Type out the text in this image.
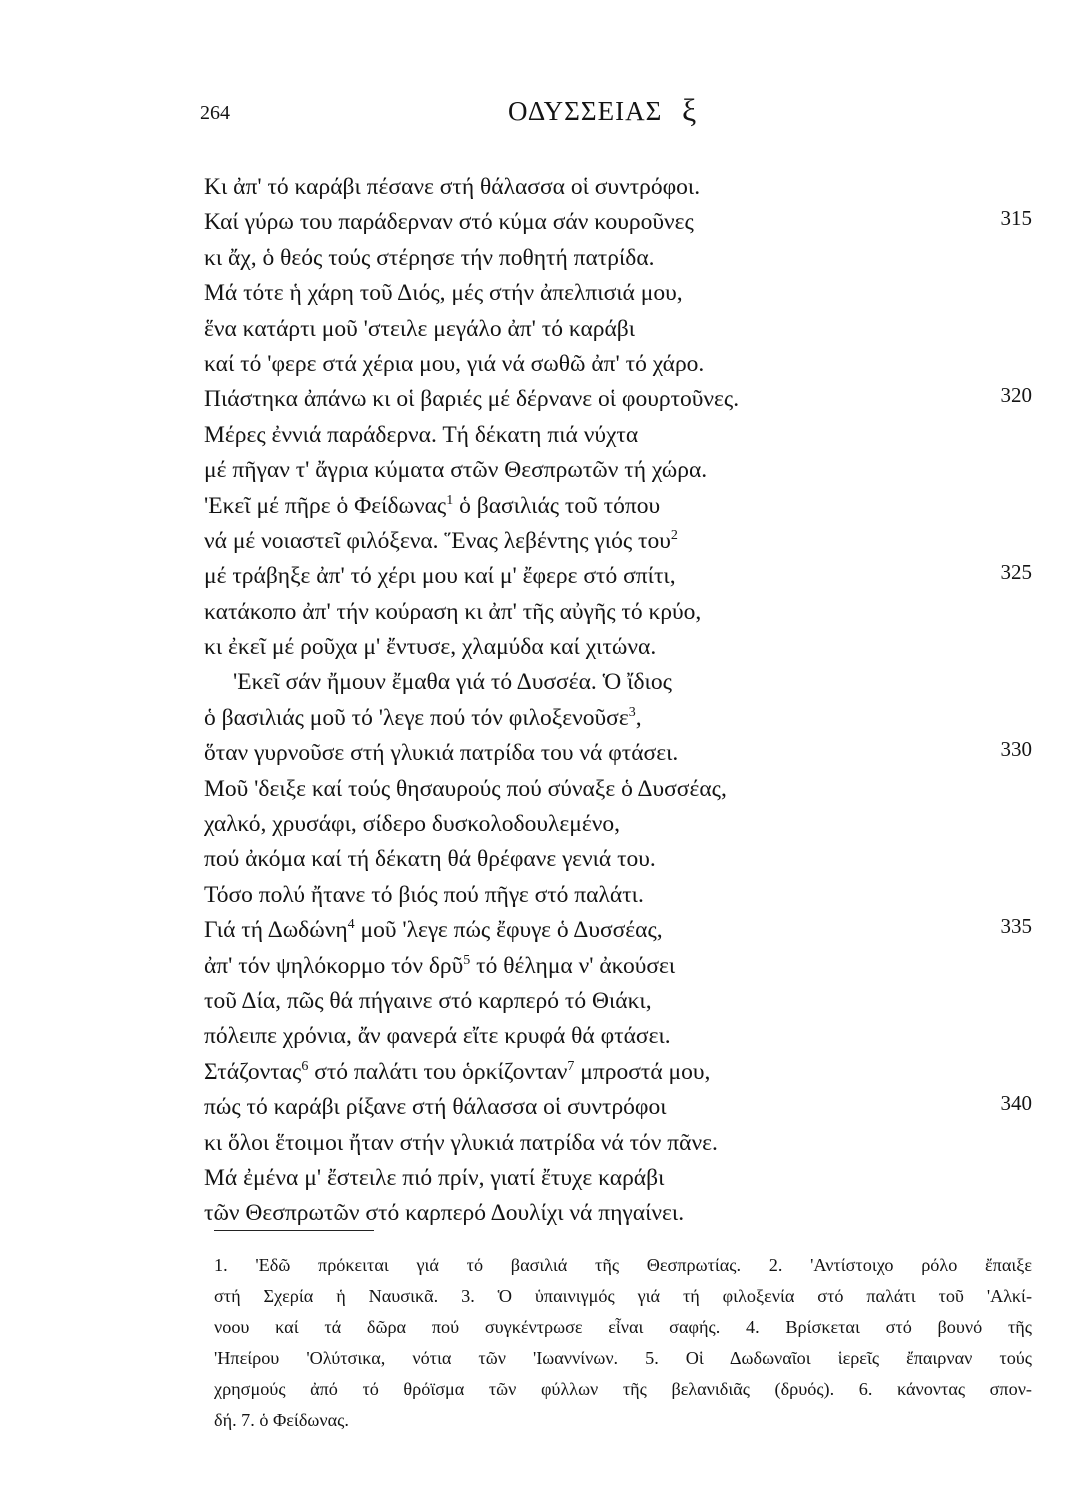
264	ΟΔΥΣΣΕΙΑΣ ξ
Κι ἀπ' τό καράβι πέσανε στή θάλασσα οἱ συντρόφοι.
Καί γύρω του παράδερναν στό κύμα σάν κουροῦνες	315
κι ἄχ, ὁ θεός τούς στέρησε τήν ποθητή πατρίδα.
Μά τότε ἡ χάρη τοῦ Διός, μές στήν ἀπελπισιά μου,
ἕνα κατάρτι μοῦ 'στειλε μεγάλο ἀπ' τό καράβι
καί τό 'φερε στά χέρια μου, γιά νά σωθῶ ἀπ' τό χάρο.
Πιάστηκα ἀπάνω κι οἱ βαριές μέ δέρνανε οἱ φουρτοῦνες.	320
Μέρες ἐννιά παράδερνα. Τή δέκατη πιά νύχτα
μέ πῆγαν τ' ἄγρια κύματα στῶν Θεσπρωτῶν τή χώρα.
'Εκεῖ μέ πῆρε ὁ Φείδωνας$^1$ ὁ βασιλιάς τοῦ τόπου
νά μέ νοιαστεῖ φιλόξενα. Ἕνας λεβέντης γιός του$^2$
μέ τράβηξε ἀπ' τό χέρι μου καί μ' ἔφερε στό σπίτι,	325
κατάκοπο ἀπ' τήν κούραση κι ἀπ' τῆς αὐγῆς τό κρύο,
κι ἐκεῖ μέ ροῦχα μ' ἔντυσε, χλαμύδα καί χιτώνα.
'Εκεῖ σάν ἤμουν ἔμαθα γιά τό Δυσσέα. Ὁ ἴδιος
ὁ βασιλιάς μοῦ τό 'λεγε πού τόν φιλοξενοῦσε$^3$,
ὅταν γυρνοῦσε στή γλυκιά πατρίδα του νά φτάσει.	330
Μοῦ 'δειξε καί τούς θησαυρούς πού σύναξε ὁ Δυσσέας,
χαλκό, χρυσάφι, σίδερο δυσκολοδουλεμένο,
πού ἀκόμα καί τή δέκατη θά θρέφανε γενιά του.
Τόσο πολύ ἤτανε τό βιός πού πῆγε στό παλάτι.
Γιά τή Δωδώνη$^4$ μοῦ 'λεγε πώς ἔφυγε ὁ Δυσσέας,	335
ἀπ' τόν ψηλόκορμο τόν δρῦ$^5$ τό θέλημα ν' ἀκούσει
τοῦ Δία, πῶς θά πήγαινε στό καρπερό τό Θιάκι,
πόλειπε χρόνια, ἄν φανερά εἴτε κρυφά θά φτάσει.
Στάζοντας$^6$ στό παλάτι του ὁρκίζονταν$^7$ μπροστά μου,
πώς τό καράβι ρίξανε στή θάλασσα οἱ συντρόφοι	340
κι ὅλοι ἕτοιμοι ἤταν στήν γλυκιά πατρίδα νά τόν πᾶνε.
Μά ἐμένα μ' ἔστειλε πιό πρίν, γιατί ἔτυχε καράβι
τῶν Θεσπρωτῶν στό καρπερό Δουλίχι νά πηγαίνει.
1. 'Εδῶ πρόκειται γιά τό βασιλιά τῆς Θεσπρωτίας. 2. 'Αντίστοιχο ρόλο ἔπαιξε
στή Σχερία ἡ Ναυσικᾶ. 3. Ὁ ὑπαινιγμός γιά τή φιλοξενία στό παλάτι τοῦ 'Αλκί-
νοου καί τά δῶρα πού συγκέντρωσε εἶναι σαφής. 4. Βρίσκεται στό βουνό τῆς
'Ηπείρου 'Ολύτσικα, νότια τῶν 'Ιωαννίνων. 5. Οἱ Δωδωναῖοι ἱερεῖς ἔπαιρναν τούς
χρησμούς ἀπό τό θρόϊσμα τῶν φύλλων τῆς βελανιδιᾶς (δρυός). 6. κάνοντας σπον-
δή. 7. ὁ Φείδωνας.
